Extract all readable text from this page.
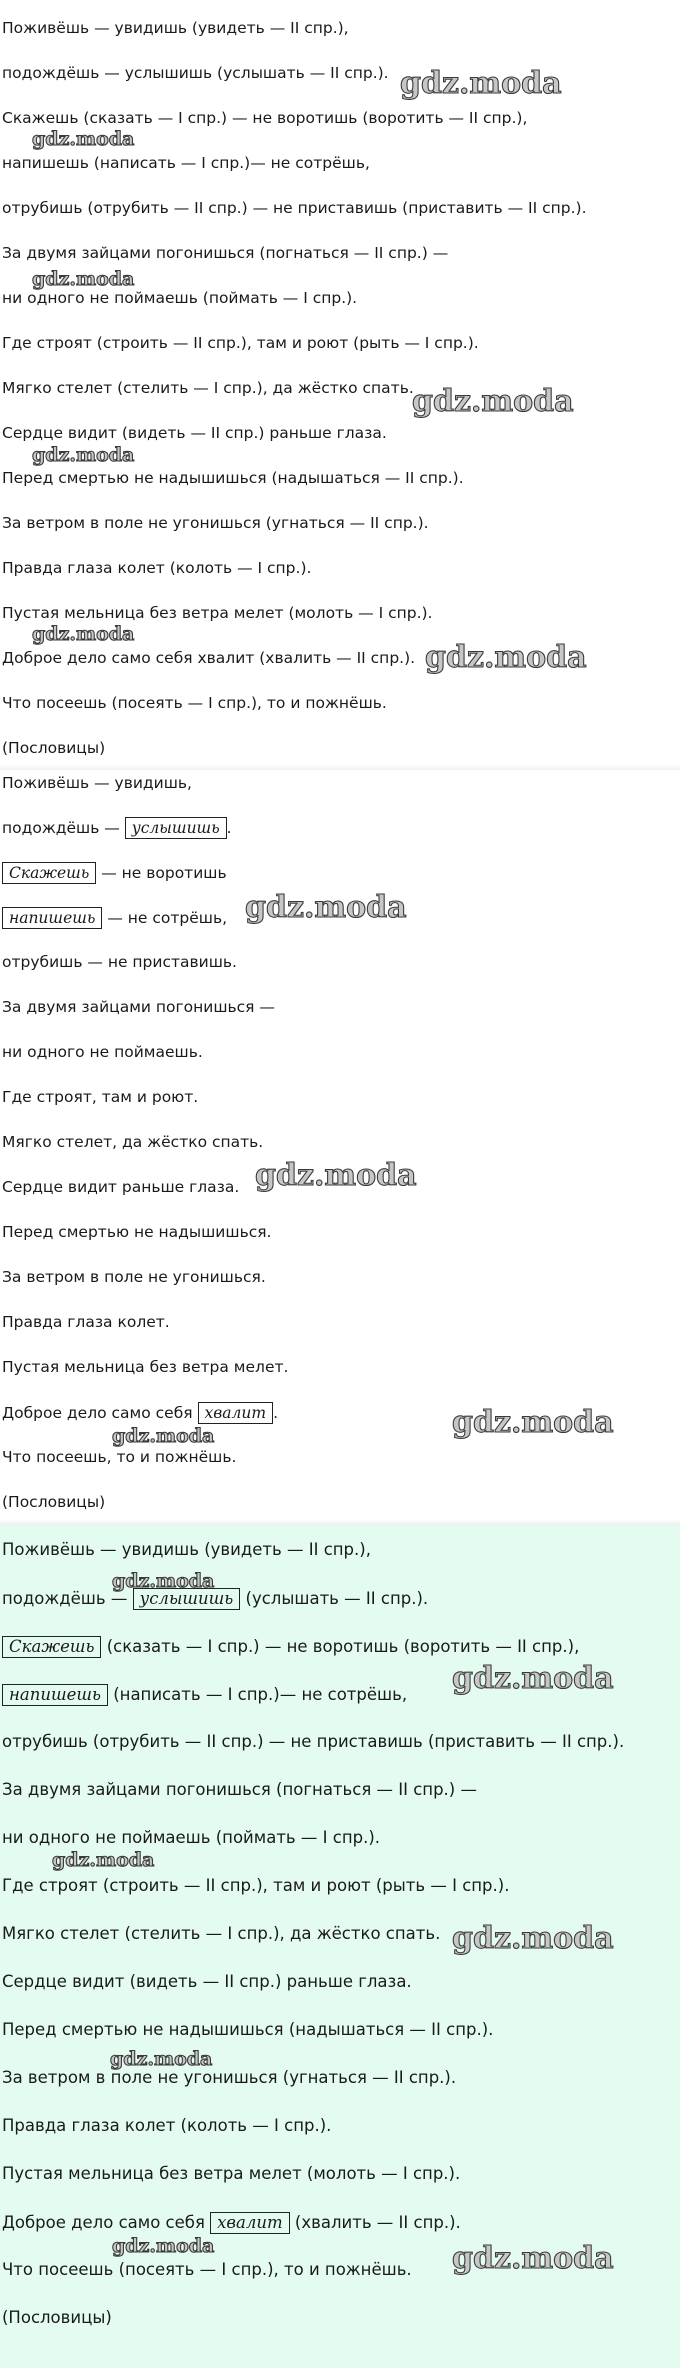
Поживёшь — увидишь (увидеть — II спр.),
подождёшь — услышишь (услышать — II спр.).
Скажешь (сказать — I спр.) — не воротишь (воротить — II спр.),
напишешь (написать — I спр.)— не сотрёшь,
отрубишь (отрубить — II спр.) — не приставишь (приставить — II спр.).
За двумя зайцами погонишься (погнаться — II спр.) —
ни одного не поймаешь (поймать — I спр.).
Где строят (строить — II спр.), там и роют (рыть — I спр.).
Мягко стелет (стелить — I спр.), да жёстко спать.
Сердце видит (видеть — II спр.) раньше глаза.
Перед смертью не надышишься (надышаться — II спр.).
За ветром в поле не угонишься (угнаться — II спр.).
Правда глаза колет (колоть — I спр.).
Пустая мельница без ветра мелет (молоть — I спр.).
Доброе дело само себя хвалит (хвалить — II спр.).
Что посеешь (посеять — I спр.), то и пожнёшь.
(Пословицы)
gdz.moda
gdz.moda
gdz.moda
gdz.moda
gdz.moda
gdz.moda
gdz.moda
Поживёшь — увидишь,
подождёшь — услышишь .
Скажешь — не воротишь
напишешь — не сотрёшь,
отрубишь — не приставишь.
За двумя зайцами погонишься —
ни одного не поймаешь.
Где строят, там и роют.
Мягко стелет, да жёстко спать.
Сердце видит раньше глаза.
Перед смертью не надышишься.
За ветром в поле не угонишься.
Правда глаза колет.
Пустая мельница без ветра мелет.
Доброе дело само себя хвалит .
Что посеешь, то и пожнёшь.
(Пословицы)
gdz.moda
gdz.moda
gdz.moda
gdz.moda
Поживёшь — увидишь (увидеть — II спр.),
подождёшь — услышишь (услышать — II спр.).
Скажешь (сказать — I спр.) — не воротишь (воротить — II спр.),
напишешь (написать — I спр.)— не сотрёшь,
отрубишь (отрубить — II спр.) — не приставишь (приставить — II спр.).
За двумя зайцами погонишься (погнаться — II спр.) —
ни одного не поймаешь (поймать — I спр.).
Где строят (строить — II спр.), там и роют (рыть — I спр.).
Мягко стелет (стелить — I спр.), да жёстко спать.
Сердце видит (видеть — II спр.) раньше глаза.
Перед смертью не надышишься (надышаться — II спр.).
За ветром в поле не угонишься (угнаться — II спр.).
Правда глаза колет (колоть — I спр.).
Пустая мельница без ветра мелет (молоть — I спр.).
Доброе дело само себя хвалит (хвалить — II спр.).
Что посеешь (посеять — I спр.), то и пожнёшь.
(Пословицы)
gdz.moda
gdz.moda
gdz.moda
gdz.moda
gdz.moda
gdz.moda	gdz.moda
